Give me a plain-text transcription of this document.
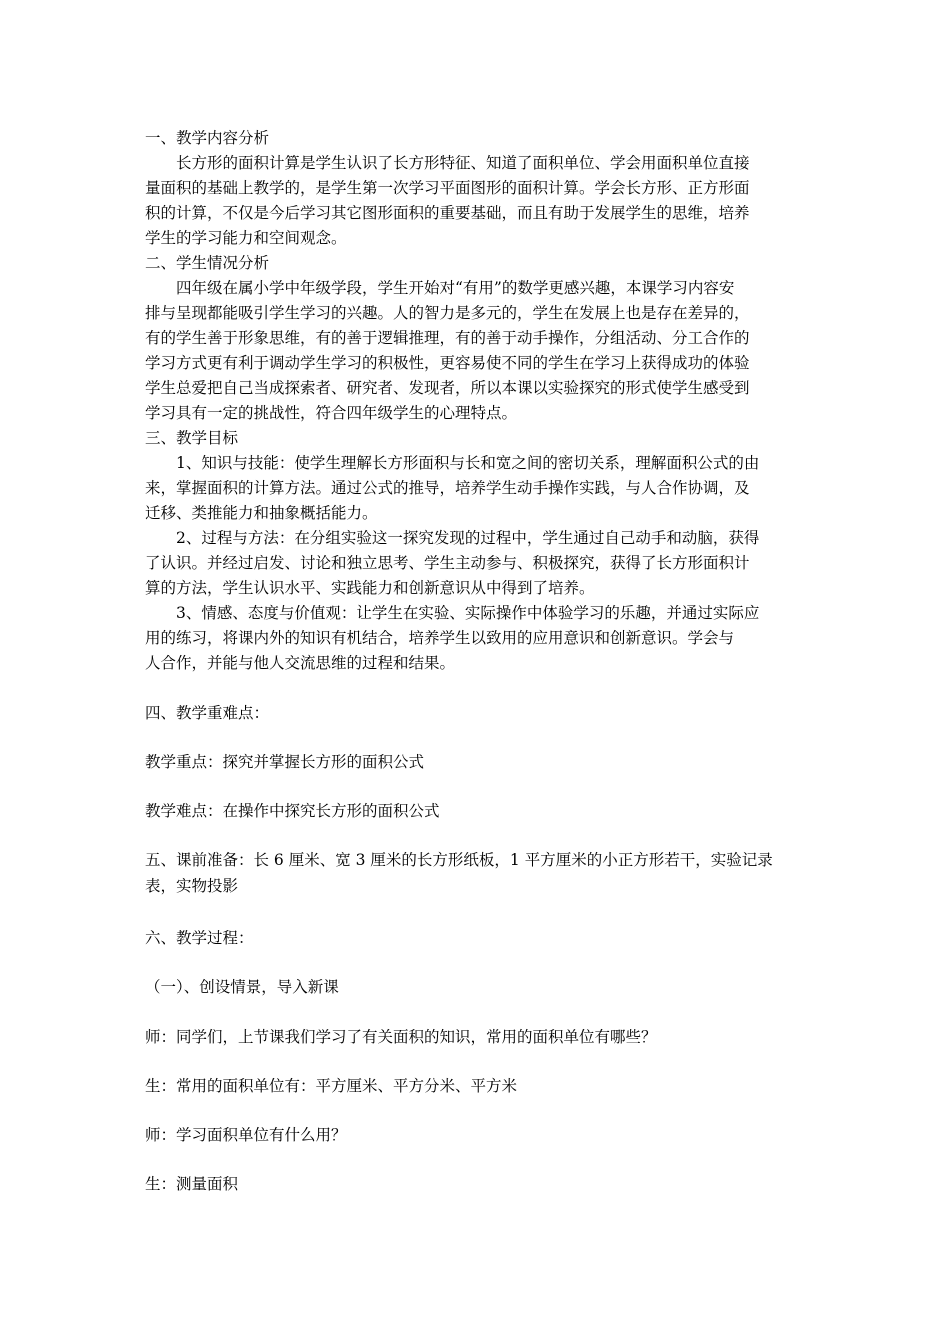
一、教学内容分析
长方形的面积计算是学生认识了长方形特征、知道了面积单位、学会用面积单位直接
量面积的基础上教学的，是学生第一次学习平面图形的面积计算。学会长方形、正方形面
积的计算，不仅是今后学习其它图形面积的重要基础，而且有助于发展学生的思维，培养
学生的学习能力和空间观念。
二、学生情况分析
四年级在属小学中年级学段，学生开始对“有用”的数学更感兴趣，本课学习内容安
排与呈现都能吸引学生学习的兴趣。人的智力是多元的，学生在发展上也是存在差异的，
有的学生善于形象思维，有的善于逻辑推理，有的善于动手操作，分组活动、分工合作的
学习方式更有利于调动学生学习的积极性，更容易使不同的学生在学习上获得成功的体验
学生总爱把自己当成探索者、研究者、发现者，所以本课以实验探究的形式使学生感受到
学习具有一定的挑战性，符合四年级学生的心理特点。
三、教学目标
1、知识与技能：使学生理解长方形面积与长和宽之间的密切关系，理解面积公式的由
来，掌握面积的计算方法。通过公式的推导，培养学生动手操作实践，与人合作协调，及
迁移、类推能力和抽象概括能力。
2、过程与方法：在分组实验这一探究发现的过程中，学生通过自己动手和动脑，获得
了认识。并经过启发、讨论和独立思考、学生主动参与、积极探究，获得了长方形面积计
算的方法，学生认识水平、实践能力和创新意识从中得到了培养。
3、情感、态度与价值观：让学生在实验、实际操作中体验学习的乐趣，并通过实际应
用的练习，将课内外的知识有机结合，培养学生以致用的应用意识和创新意识。学会与
人合作，并能与他人交流思维的过程和结果。
四、教学重难点：
教学重点：探究并掌握长方形的面积公式
教学难点：在操作中探究长方形的面积公式
五、课前准备：长 6 厘米、宽 3 厘米的长方形纸板，1 平方厘米的小正方形若干，实验记录
表，实物投影
六、教学过程：
（一）、创设情景，导入新课
师：同学们，上节课我们学习了有关面积的知识，常用的面积单位有哪些？
生：常用的面积单位有：平方厘米、平方分米、平方米
师：学习面积单位有什么用？
生：测量面积
